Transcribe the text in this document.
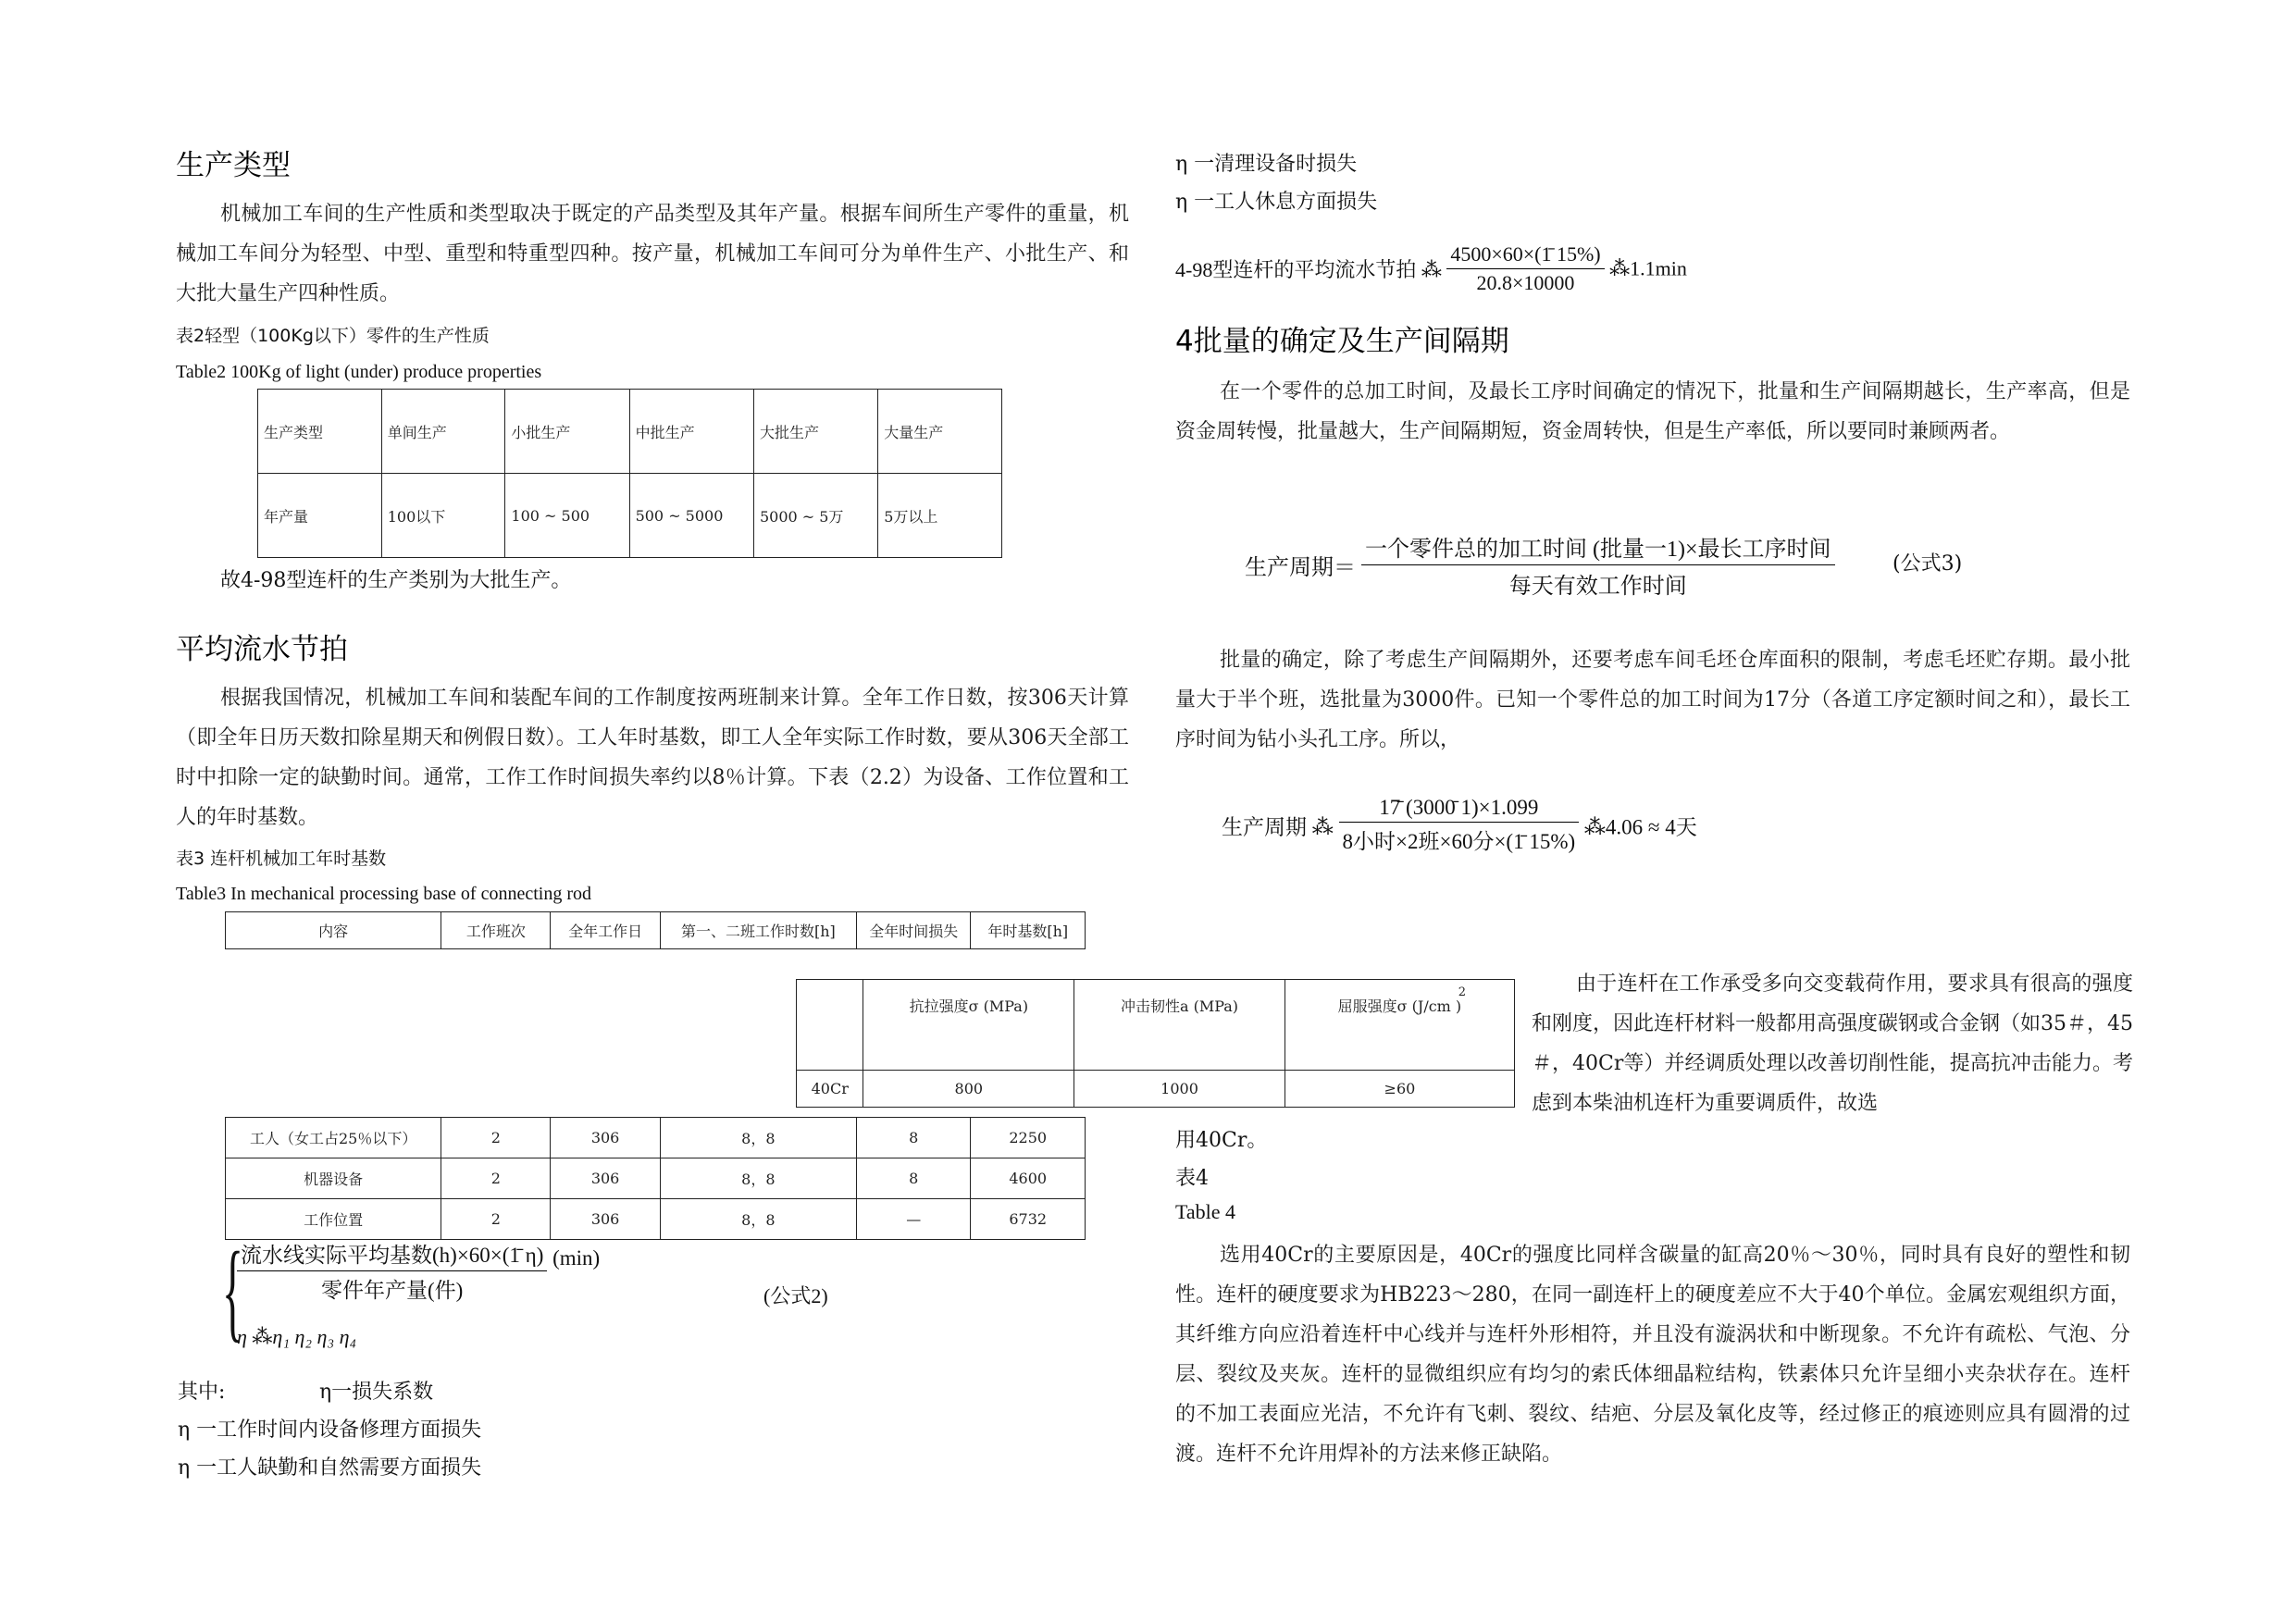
生产类型
机械加工车间的生产性质和类型取决于既定的产品类型及其年产量。根据车间所生产零件的重量，机械加工车间分为轻型、中型、重型和特重型四种。按产量，机械加工车间可分为单件生产、小批生产、和大批大量生产四种性质。
表2轻型（100Kg以下）零件的生产性质
Table2 100Kg of light (under) produce properties
生产类型	单间生产	小批生产	中批生产	大批生产	大量生产
年产量	100以下	100 ~ 500	500 ~ 5000	5000 ~ 5万	5万以上
故4-98型连杆的生产类别为大批生产。
平均流水节拍
根据我国情况，机械加工车间和装配车间的工作制度按两班制来计算。全年工作日数，按306天计算（即全年日历天数扣除星期天和例假日数）。工人年时基数，即工人全年实际工作时数，要从306天全部工时中扣除一定的缺勤时间。通常，工作工作时间损失率约以8％计算。下表（2.2）为设备、工作位置和工人的年时基数。
表3 连杆机械加工年时基数
Table3 In mechanical processing base of connecting rod
内容	工作班次	全年工作日	第一、二班工作时数[h]	全年时间损失	年时基数[h]
工人（女工占25％以下）	2	306	8，8	8	2250
机器设备	2	306	8，8	8	4600
工作位置	2	306	8，8	—	6732
{
$\frac{\text{流水线实际平均基数(h)×60×(1̄ η)}}{\text{零件年产量(件)}} (\min)$
(公式2)
η ⁂η₁ η₂ η₃ η₄
其中:	η一损失系数
η 一工作时间内设备修理方面损失
η 一工人缺勤和自然需要方面损失
	抗拉强度σ (MPa)	冲击韧性a (MPa)	屈服强度σ (J/cm )
2

40Cr	800	1000	≥60
η 一清理设备时损失
η 一工人休息方面损失
4-98型连杆的平均流水节拍 ⁂ $\frac{4500\times 60\times(1̄ 15\%)}{20.8\times 10000}$ ⁂1.1min
4批量的确定及生产间隔期
在一个零件的总加工时间，及最长工序时间确定的情况下，批量和生产间隔期越长，生产率高，但是资金周转慢，批量越大，生产间隔期短，资金周转快，但是生产率低，所以要同时兼顾两者。
生产周期＝ $\frac{\text{一个零件总的加工时间 (批量一1)×最长工序时间}}{\text{每天有效工作时间}}$	(公式3)
批量的确定，除了考虑生产间隔期外，还要考虑车间毛坯仓库面积的限制，考虑毛坯贮存期。最小批量大于半个班，选批量为3000件。已知一个零件总的加工时间为17分（各道工序定额时间之和），最长工序时间为钻小头孔工序。所以，
生产周期 ⁂ $\frac{17̄ (3000̄ 1)\times 1.099}{\text{8小时×2班×60分×(1̄ 15\%)}}$ ⁂4.06 ≈ 4天
由于连杆在工作承受多向交变载荷作用，要求具有很高的强度和刚度，因此连杆材料一般都用高强度碳钢或合金钢（如35＃，45＃，40Cr等）并经调质处理以改善切削性能，提高抗冲击能力。考虑到本柴油机连杆为重要调质件，故选
用40Cr。
表4
Table 4
选用40Cr的主要原因是，40Cr的强度比同样含碳量的缸高20％～30％，同时具有良好的塑性和韧性。连杆的硬度要求为HB223～280，在同一副连杆上的硬度差应不大于40个单位。金属宏观组织方面，其纤维方向应沿着连杆中心线并与连杆外形相符，并且没有漩涡状和中断现象。不允许有疏松、气泡、分层、裂纹及夹灰。连杆的显微组织应有均匀的索氏体细晶粒结构，铁素体只允许呈细小夹杂状存在。连杆的不加工表面应光洁，不允许有飞刺、裂纹、结疤、分层及氧化皮等，经过修正的痕迹则应具有圆滑的过渡。连杆不允许用焊补的方法来修正缺陷。
